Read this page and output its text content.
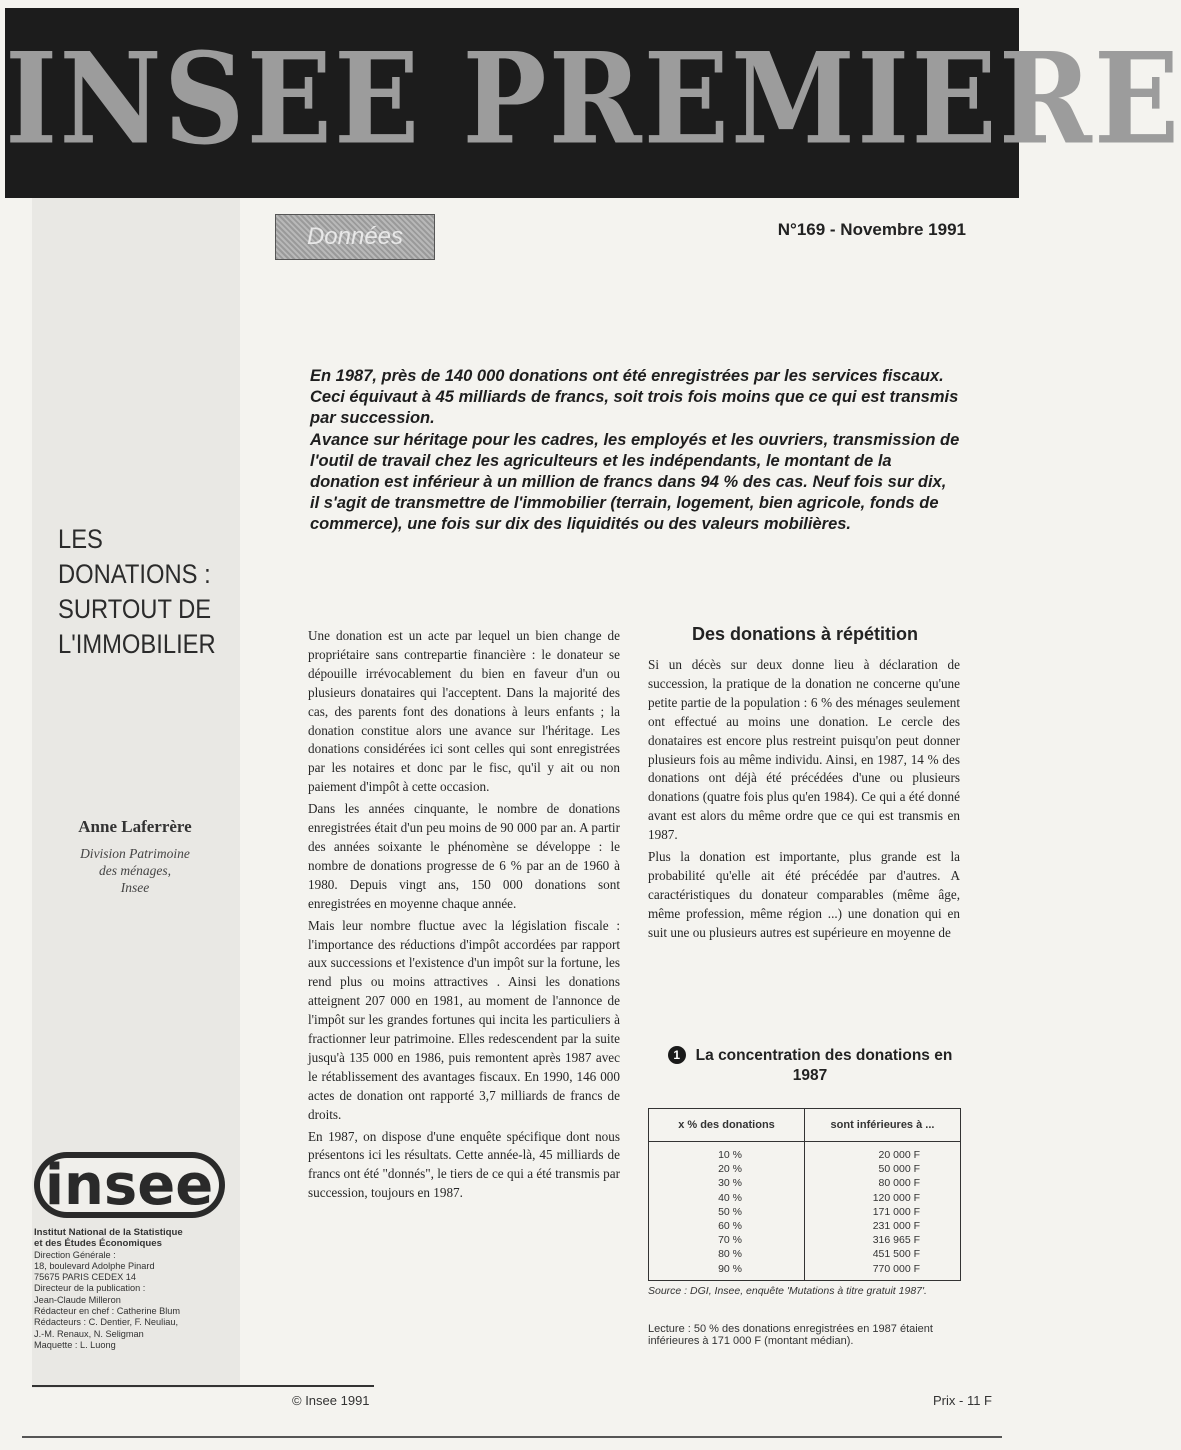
INSEE PREMIERE
Données	N°169 - Novembre 1991

En 1987, près de 140 000 donations ont été enregistrées par les services fiscaux. Ceci équivaut à 45 milliards de francs, soit trois fois moins que ce qui est transmis par succession.

Avance sur héritage pour les cadres, les employés et les ouvriers, transmission de l'outil de travail chez les agriculteurs et les indépendants, le montant de la donation est inférieur à un million de francs dans 94 % des cas. Neuf fois sur dix, il s'agit de transmettre de l'immobilier (terrain, logement, bien agricole, fonds de commerce), une fois sur dix des liquidités ou des valeurs mobilières.

LES
DONATIONS :
SURTOUT DE
L'IMMOBILIER
Anne Laferrère
Division Patrimoine
des ménages,
Insee
insee
Institut National de la Statistique
et des Études Économiques
Direction Générale :
18, boulevard Adolphe Pinard
75675 PARIS CEDEX 14
Directeur de la publication :
Jean-Claude Milleron
Rédacteur en chef : Catherine Blum
Rédacteurs : C. Dentier, F. Neuliau,
J.-M. Renaux, N. Seligman
Maquette : L. Luong

Une donation est un acte par lequel un bien change de propriétaire sans contrepartie financière : le donateur se dépouille irrévocablement du bien en faveur d'un ou plusieurs donataires qui l'acceptent. Dans la majorité des cas, des parents font des donations à leurs enfants ; la donation constitue alors une avance sur l'héritage. Les donations considérées ici sont celles qui sont enregistrées par les notaires et donc par le fisc, qu'il y ait ou non paiement d'impôt à cette occasion.

Dans les années cinquante, le nombre de donations enregistrées était d'un peu moins de 90 000 par an. A partir des années soixante le phénomène se développe : le nombre de donations progresse de 6 % par an de 1960 à 1980. Depuis vingt ans, 150 000 donations sont enregistrées en moyenne chaque année.

Mais leur nombre fluctue avec la législation fiscale : l'importance des réductions d'impôt accordées par rapport aux successions et l'existence d'un impôt sur la fortune, les rend plus ou moins attractives . Ainsi les donations atteignent 207 000 en 1981, au moment de l'annonce de l'impôt sur les grandes fortunes qui incita les particuliers à fractionner leur patrimoine. Elles redescendent par la suite jusqu'à 135 000 en 1986, puis remontent après 1987 avec le rétablissement des avantages fiscaux. En 1990, 146 000 actes de donation ont rapporté 3,7 milliards de francs de droits.

En 1987, on dispose d'une enquête spécifique dont nous présentons ici les résultats. Cette année-là, 45 milliards de francs ont été "donnés", le tiers de ce qui a été transmis par succession, toujours en 1987.

Des donations à répétition

Si un décès sur deux donne lieu à déclaration de succession, la pratique de la donation ne concerne qu'une petite partie de la population : 6 % des ménages seulement ont effectué au moins une donation. Le cercle des donataires est encore plus restreint puisqu'on peut donner plusieurs fois au même individu. Ainsi, en 1987, 14 % des donations ont déjà été précédées d'une ou plusieurs donations (quatre fois plus qu'en 1984). Ce qui a été donné avant est alors du même ordre que ce qui est transmis en 1987.

Plus la donation est importante, plus grande est la probabilité qu'elle ait été précédée par d'autres. A caractéristiques du donateur comparables (même âge, même profession, même région ...) une donation qui en suit une ou plusieurs autres est supérieure en moyenne de

1 La concentration des donations en 1987
x % des donations	sont inférieures à ...
10 %	20 000 F
20 %	50 000 F
30 %	80 000 F
40 %	120 000 F
50 %	171 000 F
60 %	231 000 F
70 %	316 965 F
80 %	451 500 F
90 %	770 000 F
Source : DGI, Insee, enquête 'Mutations à titre gratuit 1987'.
Lecture : 50 % des donations enregistrées en 1987 étaient inférieures à 171 000 F (montant médian).
© Insee 1991	Prix - 11 F
